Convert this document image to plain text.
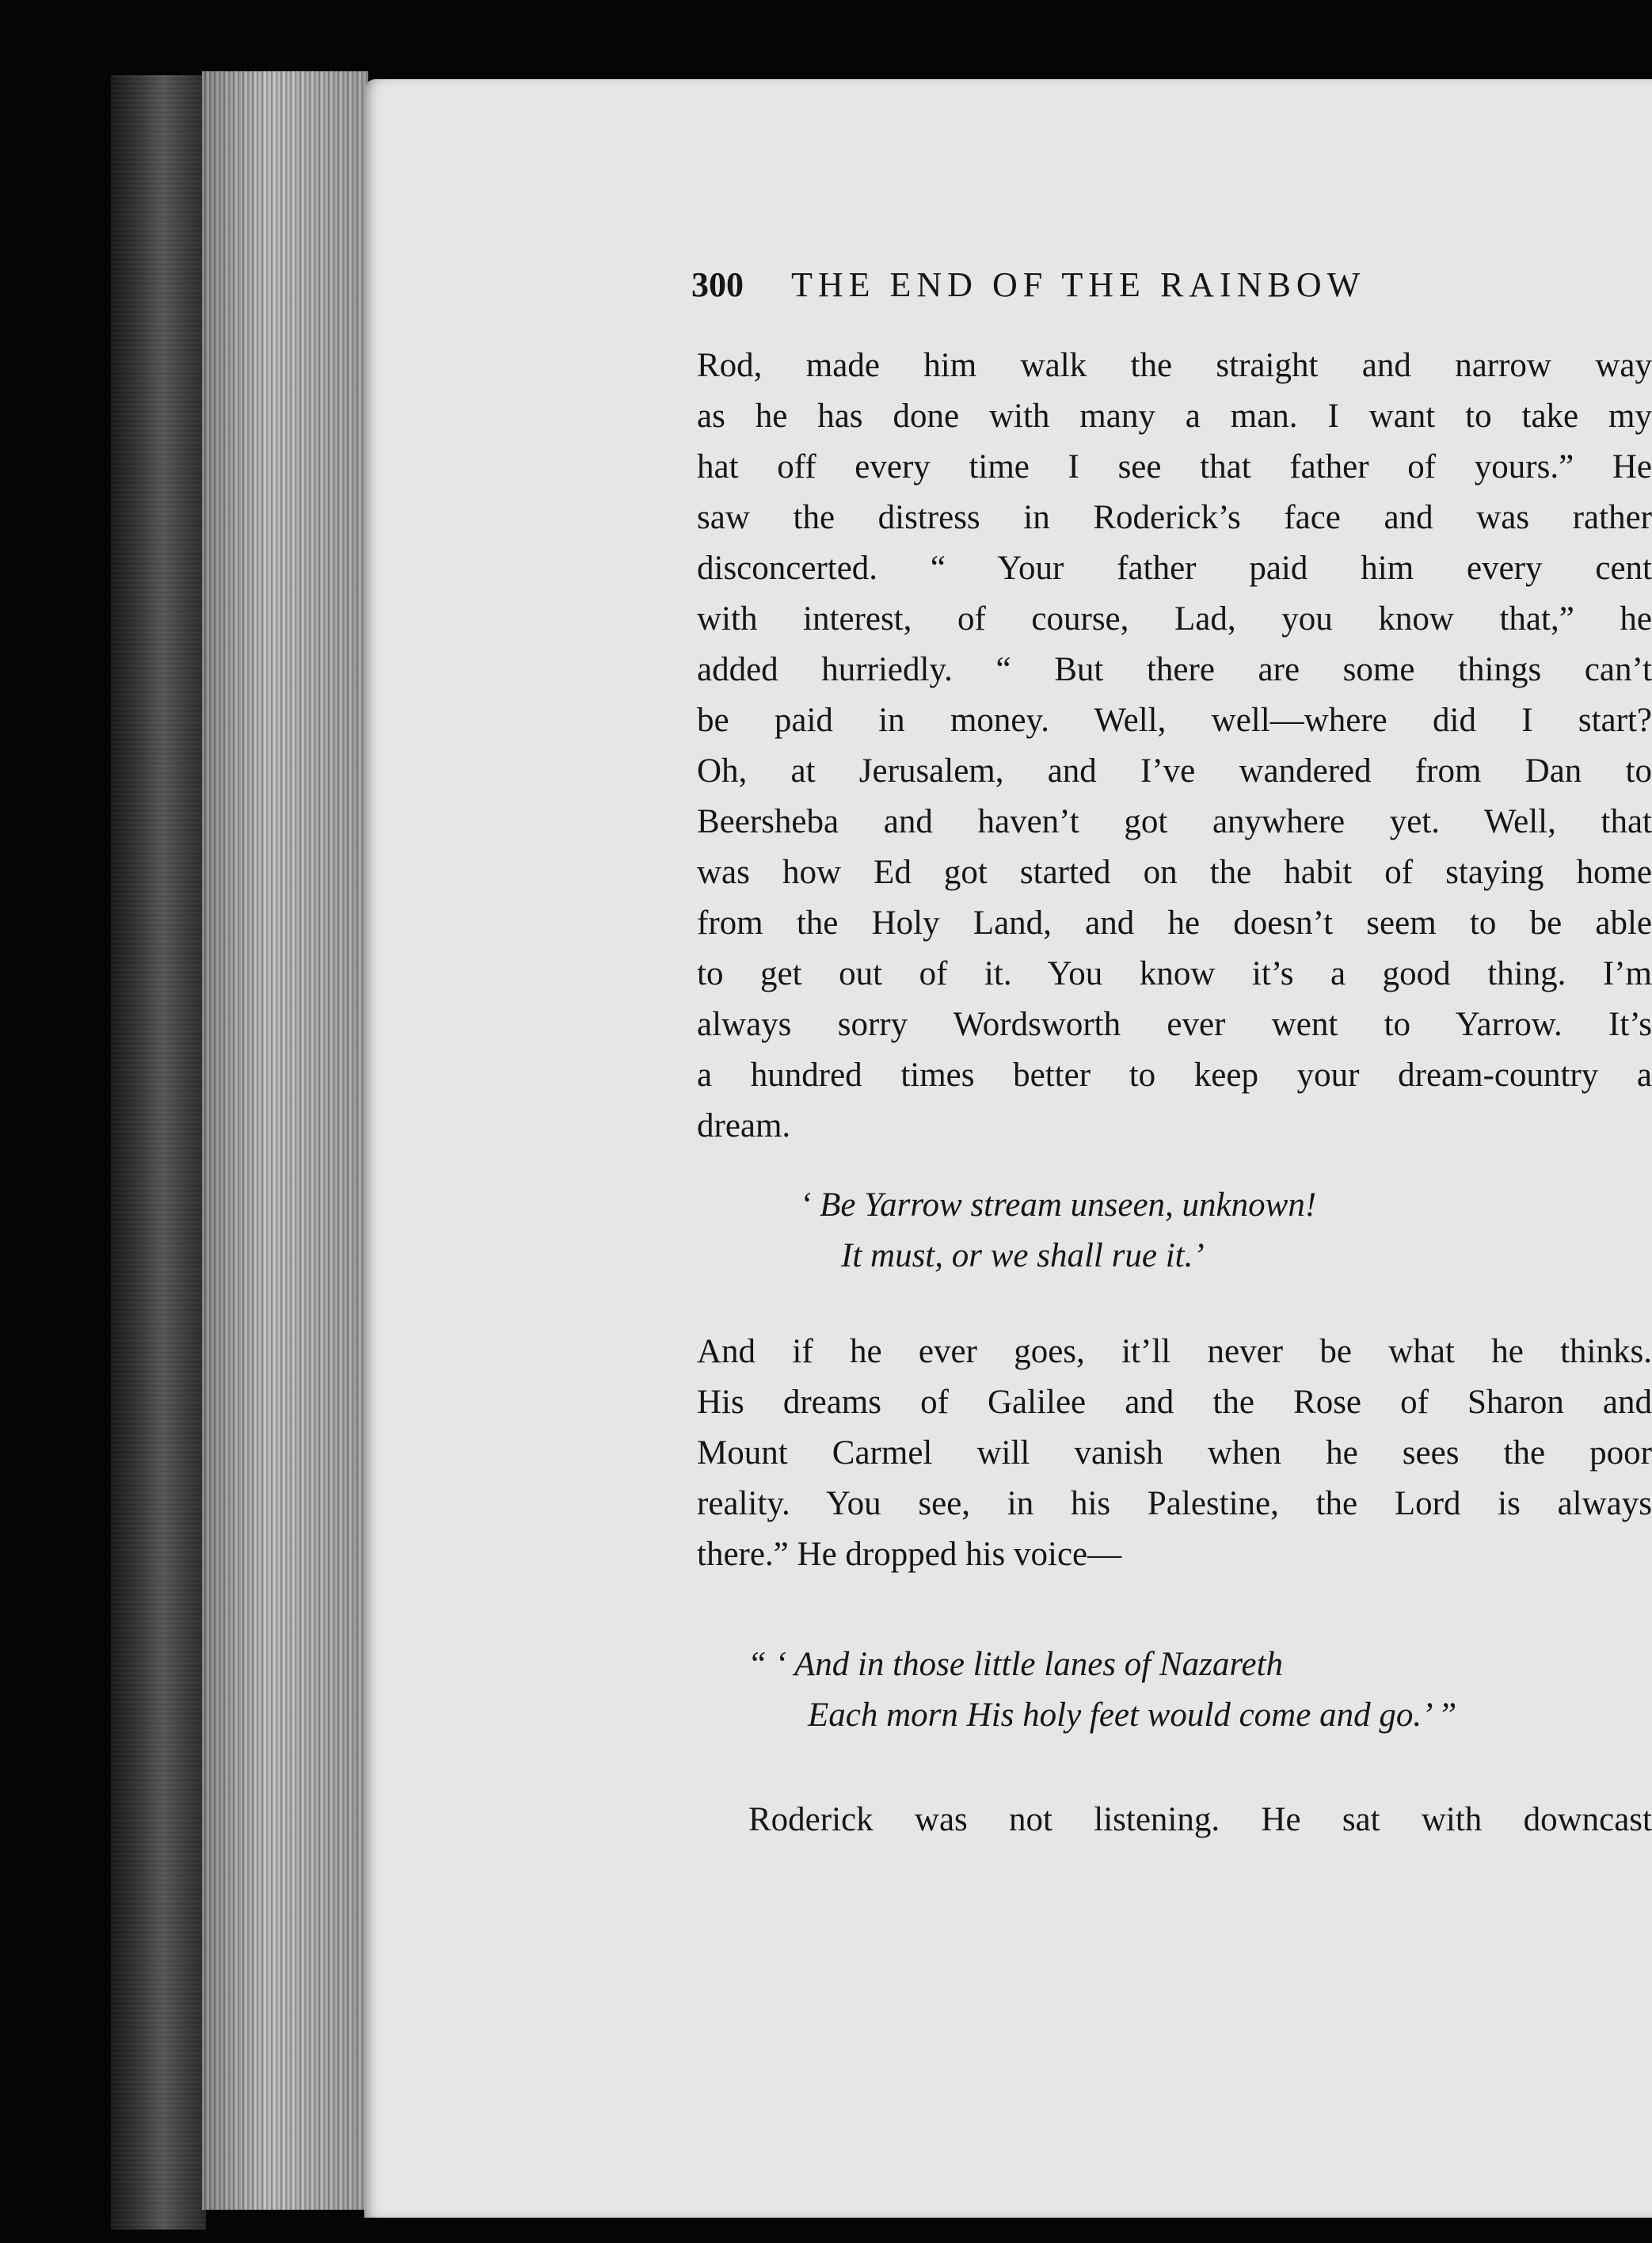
300 THE END OF THE RAINBOW
Rod, made him walk the straight and narrow way
as he has done with many a man. I want to take my
hat off every time I see that father of yours.” He
saw the distress in Roderick’s face and was rather
disconcerted. “ Your father paid him every cent
with interest, of course, Lad, you know that,” he
added hurriedly. “ But there are some things can’t
be paid in money. Well, well—where did I start?
Oh, at Jerusalem, and I’ve wandered from Dan to
Beersheba and haven’t got anywhere yet. Well, that
was how Ed got started on the habit of staying home
from the Holy Land, and he doesn’t seem to be able
to get out of it. You know it’s a good thing. I’m
always sorry Wordsworth ever went to Yarrow. It’s
a hundred times better to keep your dream-country a
dream.
‘ Be Yarrow stream unseen, unknown!
It must, or we shall rue it.’
And if he ever goes, it’ll never be what he thinks.
His dreams of Galilee and the Rose of Sharon and
Mount Carmel will vanish when he sees the poor
reality. You see, in his Palestine, the Lord is always
there.” He dropped his voice—
“ ‘ And in those little lanes of Nazareth
Each morn His holy feet would come and go.’ ”
Roderick was not listening. He sat with downcast
